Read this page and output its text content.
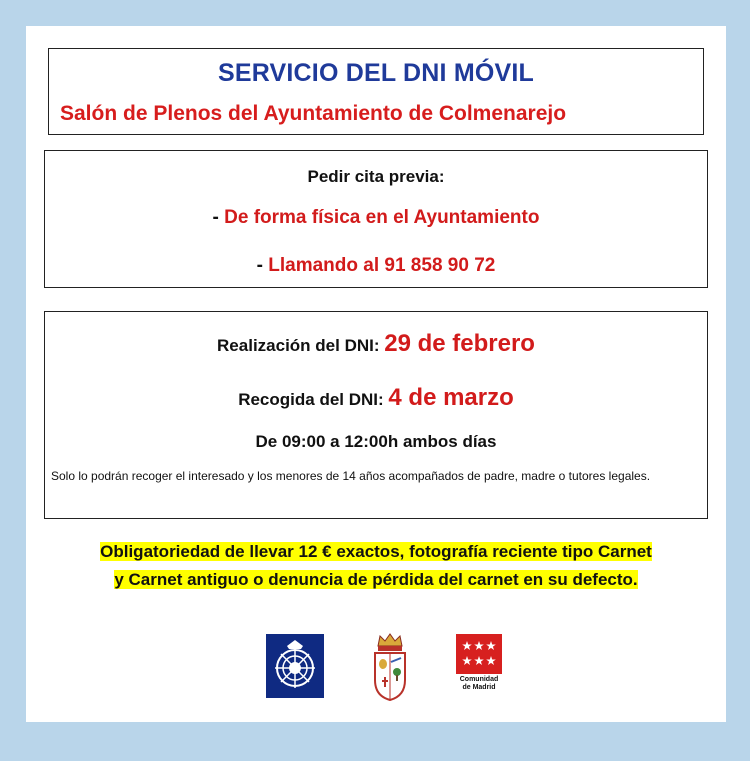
SERVICIO DEL DNI MÓVIL
Salón de Plenos del Ayuntamiento de Colmenarejo
Pedir cita previa:
- De forma física en el Ayuntamiento
- Llamando al 91 858 90 72
Realización del DNI: 29 de febrero
Recogida del DNI: 4 de marzo
De 09:00 a 12:00h ambos días
Solo lo podrán recoger el interesado y los menores de 14 años acompañados de padre, madre o tutores legales.
Obligatoriedad de llevar 12 € exactos, fotografía reciente tipo Carnet
y Carnet antiguo o denuncia de pérdida del carnet en su defecto.
Comunidad
de Madrid
